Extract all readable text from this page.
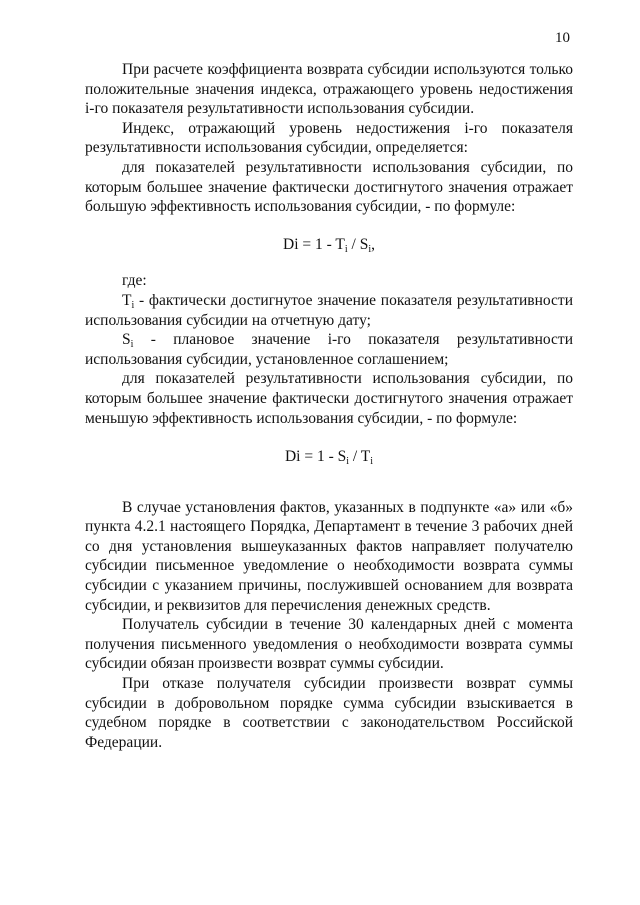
10

При расчете коэффициента возврата субсидии используются только положительные значения индекса, отражающего уровень недостижения i-го показателя результативности использования субсидии.

Индекс, отражающий уровень недостижения i-го показателя результативности использования субсидии, определяется:

для показателей результативности использования субсидии, по которым большее значение фактически достигнутого значения отражает большую эффективность использования субсидии, - по формуле:

$Di = 1 - T_i / S_i$,

где:

$T_i$ - фактически достигнутое значение показателя результативности использования субсидии на отчетную дату;

$S_i$ - плановое значение i-го показателя результативности использования субсидии, установленное соглашением;

для показателей результативности использования субсидии, по которым большее значение фактически достигнутого значения отражает меньшую эффективность использования субсидии, - по формуле:

$Di = 1 - S_i / T_i$

В случае установления фактов, указанных в подпункте «а» или «б» пункта 4.2.1 настоящего Порядка, Департамент в течение 3 рабочих дней со дня установления вышеуказанных фактов направляет получателю субсидии письменное уведомление о необходимости возврата суммы субсидии с указанием причины, послужившей основанием для возврата субсидии, и реквизитов для перечисления денежных средств.

Получатель субсидии в течение 30 календарных дней с момента получения письменного уведомления о необходимости возврата суммы субсидии обязан произвести возврат суммы субсидии.

При отказе получателя субсидии произвести возврат суммы субсидии в добровольном порядке сумма субсидии взыскивается в судебном порядке в соответствии с законодательством Российской Федерации.
